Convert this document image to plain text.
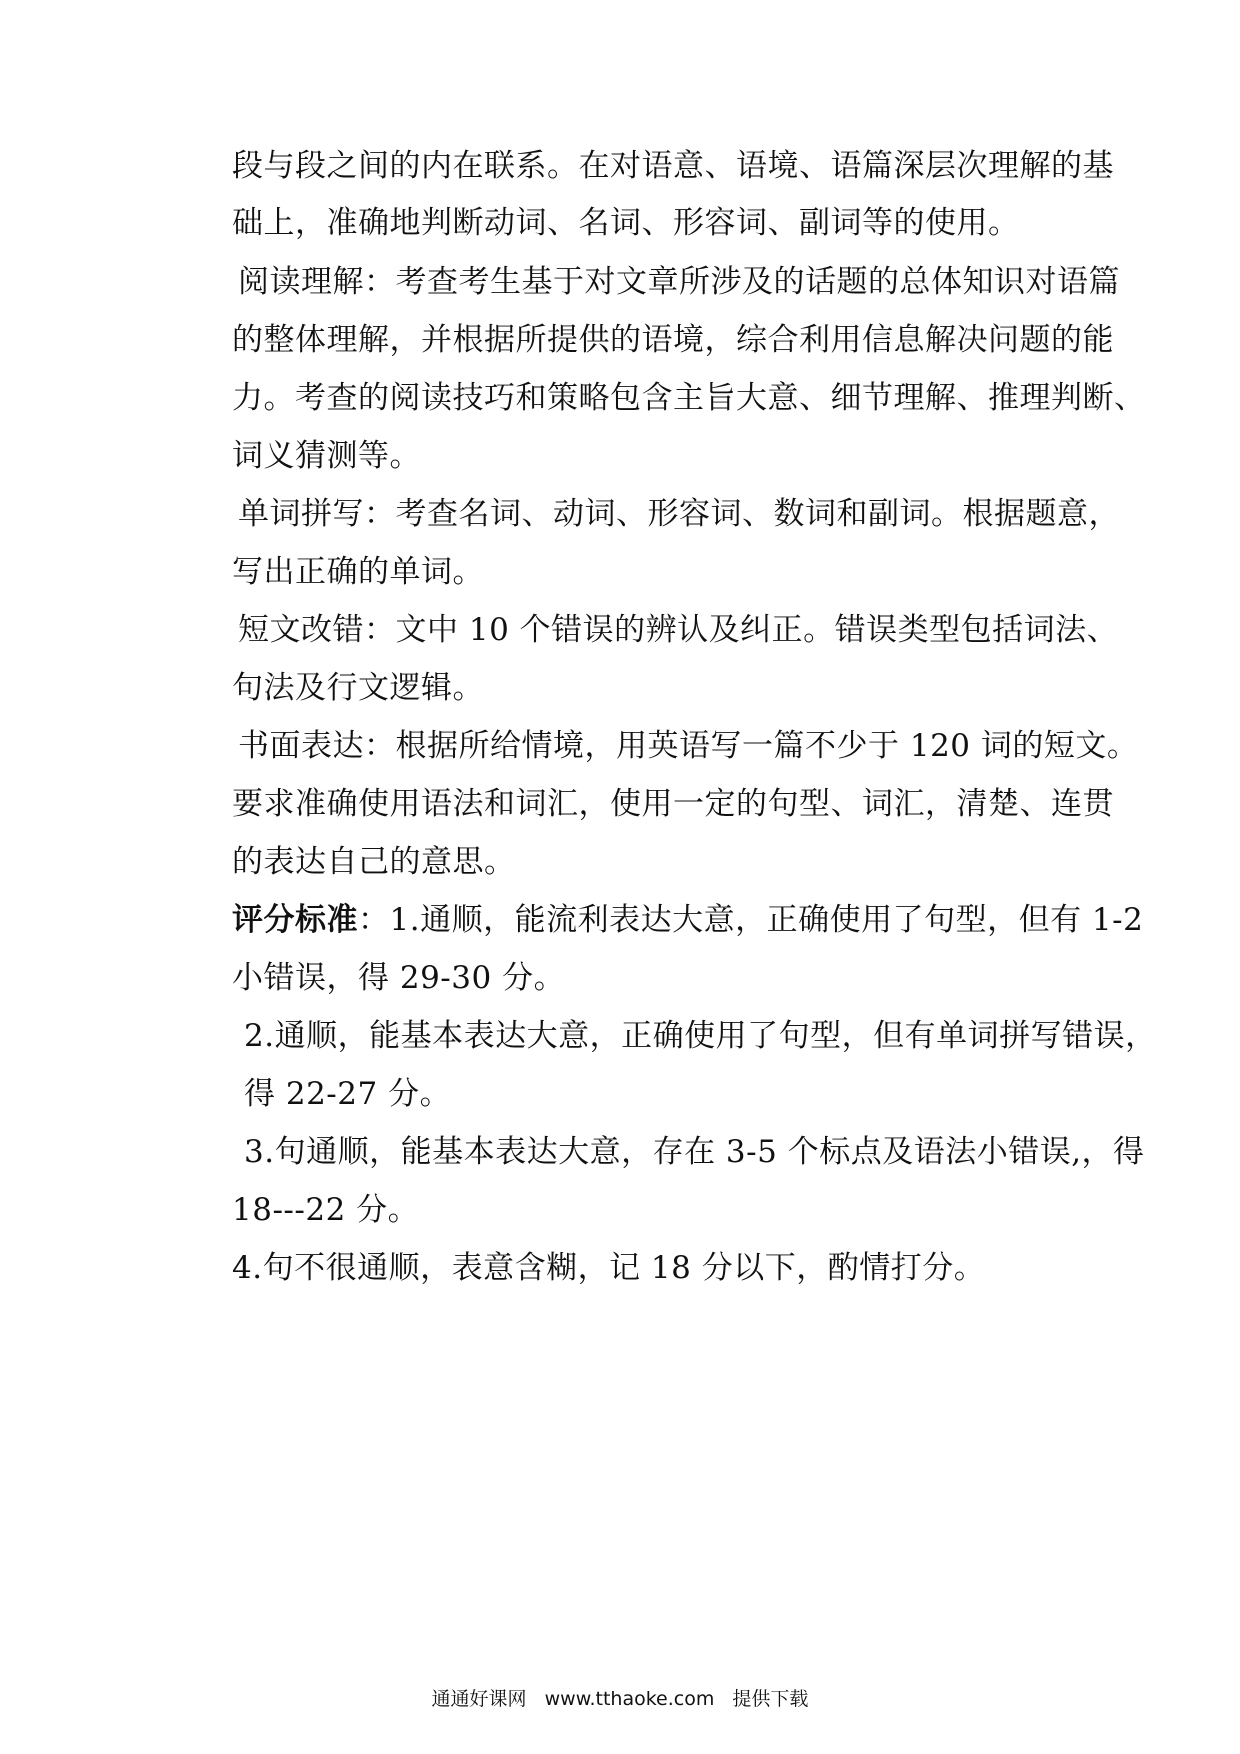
段与段之间的内在联系。在对语意、语境、语篇深层次理解的基
础上，准确地判断动词、名词、形容词、副词等的使用。
阅读理解：考查考生基于对文章所涉及的话题的总体知识对语篇
的整体理解，并根据所提供的语境，综合利用信息解决问题的能
力。考查的阅读技巧和策略包含主旨大意、细节理解、推理判断、
词义猜测等。
单词拼写：考查名词、动词、形容词、数词和副词。根据题意，
写出正确的单词。
短文改错：文中 10 个错误的辨认及纠正。错误类型包括词法、
句法及行文逻辑。
书面表达：根据所给情境，用英语写一篇不少于 120 词的短文。
要求准确使用语法和词汇，使用一定的句型、词汇，清楚、连贯
的表达自己的意思。
评分标准：1.通顺，能流利表达大意，正确使用了句型，但有 1-2
小错误，得 29-30 分。
2.通顺，能基本表达大意，正确使用了句型，但有单词拼写错误，
得 22-27 分。
3.句通顺，能基本表达大意，存在 3-5 个标点及语法小错误,，得
18---22 分。
4.句不很通顺，表意含糊，记 18 分以下，酌情打分。
通通好课网 www.tthaoke.com 提供下载
